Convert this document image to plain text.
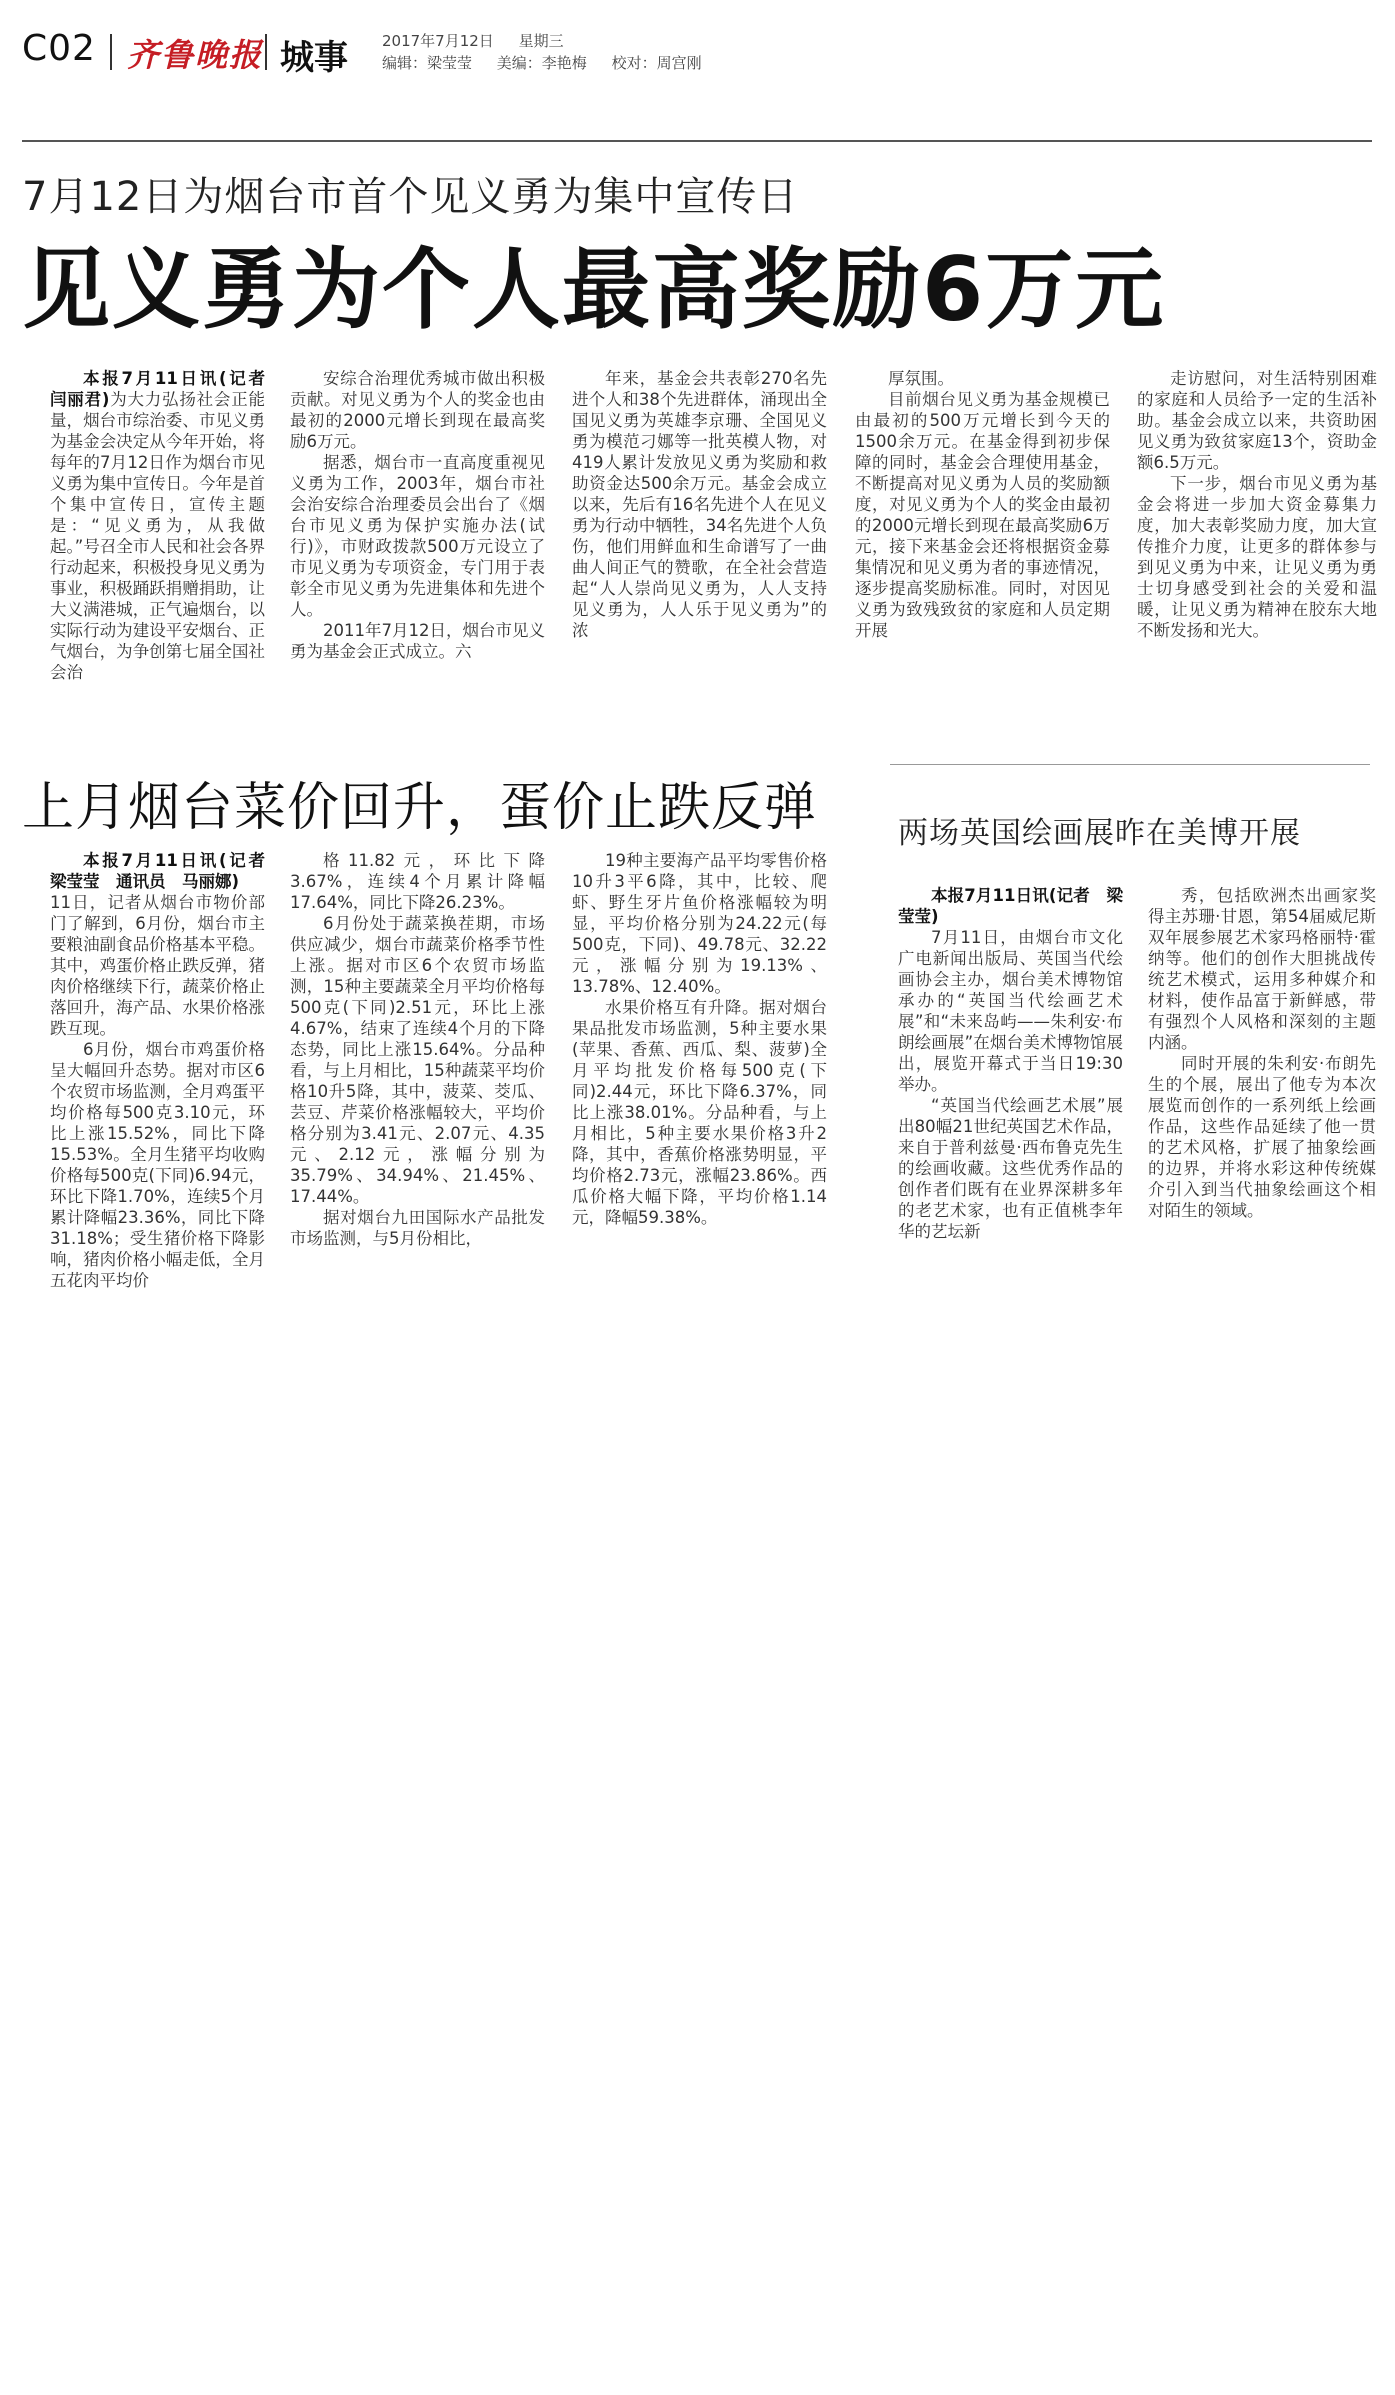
C02 齐鲁晚报 城事 2017年7月12日 星期三
编辑：梁莹莹 美编：李艳梅 校对：周宫刚
7月12日为烟台市首个见义勇为集中宣传日
见义勇为个人最高奖励6万元

本报7月11日讯(记者　闫丽君)为大力弘扬社会正能量，烟台市综治委、市见义勇为基金会决定从今年开始，将每年的7月12日作为烟台市见义勇为集中宣传日。今年是首个集中宣传日，宣传主题是：“见义勇为，从我做起。”号召全市人民和社会各界行动起来，积极投身见义勇为事业，积极踊跃捐赠捐助，让大义满港城，正气遍烟台，以实际行动为建设平安烟台、正气烟台，为争创第七届全国社会治

安综合治理优秀城市做出积极贡献。对见义勇为个人的奖金也由最初的2000元增长到现在最高奖励6万元。

据悉，烟台市一直高度重视见义勇为工作，2003年，烟台市社会治安综合治理委员会出台了《烟台市见义勇为保护实施办法(试行)》，市财政拨款500万元设立了市见义勇为专项资金，专门用于表彰全市见义勇为先进集体和先进个人。

2011年7月12日，烟台市见义勇为基金会正式成立。六

年来，基金会共表彰270名先进个人和38个先进群体，涌现出全国见义勇为英雄李京珊、全国见义勇为模范刁娜等一批英模人物，对419人累计发放见义勇为奖励和救助资金达500余万元。基金会成立以来，先后有16名先进个人在见义勇为行动中牺牲，34名先进个人负伤，他们用鲜血和生命谱写了一曲曲人间正气的赞歌，在全社会营造起“人人崇尚见义勇为，人人支持见义勇为，人人乐于见义勇为”的浓

厚氛围。

目前烟台见义勇为基金规模已由最初的500万元增长到今天的1500余万元。在基金得到初步保障的同时，基金会合理使用基金，不断提高对见义勇为人员的奖励额度，对见义勇为个人的奖金由最初的2000元增长到现在最高奖励6万元，接下来基金会还将根据资金募集情况和见义勇为者的事迹情况，逐步提高奖励标准。同时，对因见义勇为致残致贫的家庭和人员定期开展

走访慰问，对生活特别困难的家庭和人员给予一定的生活补助。基金会成立以来，共资助困见义勇为致贫家庭13个，资助金额6.5万元。

下一步，烟台市见义勇为基金会将进一步加大资金募集力度，加大表彰奖励力度，加大宣传推介力度，让更多的群体参与到见义勇为中来，让见义勇为勇士切身感受到社会的关爱和温暖，让见义勇为精神在胶东大地不断发扬和光大。

上月烟台菜价回升，蛋价止跌反弹

本报7月11日讯(记者　梁莹莹　通讯员　马丽娜)

11日，记者从烟台市物价部门了解到，6月份，烟台市主要粮油副食品价格基本平稳。其中，鸡蛋价格止跌反弹，猪肉价格继续下行，蔬菜价格止落回升，海产品、水果价格涨跌互现。

6月份，烟台市鸡蛋价格呈大幅回升态势。据对市区6个农贸市场监测，全月鸡蛋平均价格每500克3.10元，环比上涨15.52%，同比下降15.53%。全月生猪平均收购价格每500克(下同)6.94元，环比下降1.70%，连续5个月累计降幅23.36%，同比下降31.18%；受生猪价格下降影响，猪肉价格小幅走低，全月五花肉平均价

格11.82元，环比下降3.67%，连续4个月累计降幅17.64%，同比下降26.23%。

6月份处于蔬菜换茬期，市场供应减少，烟台市蔬菜价格季节性上涨。据对市区6个农贸市场监测，15种主要蔬菜全月平均价格每500克(下同)2.51元，环比上涨4.67%，结束了连续4个月的下降态势，同比上涨15.64%。分品种看，与上月相比，15种蔬菜平均价格10升5降，其中，菠菜、茭瓜、芸豆、芹菜价格涨幅较大，平均价格分别为3.41元、2.07元、4.35元、2.12元，涨幅分别为35.79%、34.94%、21.45%、17.44%。

据对烟台九田国际水产品批发市场监测，与5月份相比，

19种主要海产品平均零售价格10升3平6降，其中，比较、爬虾、野生牙片鱼价格涨幅较为明显，平均价格分别为24.22元(每500克，下同)、49.78元、32.22元，涨幅分别为19.13%、13.78%、12.40%。

水果价格互有升降。据对烟台果品批发市场监测，5种主要水果(苹果、香蕉、西瓜、梨、菠萝)全月平均批发价格每500克(下同)2.44元，环比下降6.37%，同比上涨38.01%。分品种看，与上月相比，5种主要水果价格3升2降，其中，香蕉价格涨势明显，平均价格2.73元，涨幅23.86%。西瓜价格大幅下降，平均价格1.14元，降幅59.38%。

两场英国绘画展昨在美博开展

本报7月11日讯(记者　梁莹莹)

7月11日，由烟台市文化广电新闻出版局、英国当代绘画协会主办，烟台美术博物馆承办的“英国当代绘画艺术展”和“未来岛屿——朱利安·布朗绘画展”在烟台美术博物馆展出，展览开幕式于当日19:30举办。

“英国当代绘画艺术展”展出80幅21世纪英国艺术作品，来自于普利兹曼·西布鲁克先生的绘画收藏。这些优秀作品的创作者们既有在业界深耕多年的老艺术家，也有正值桃李年华的艺坛新

秀，包括欧洲杰出画家奖得主苏珊·甘恩，第54届威尼斯双年展参展艺术家玛格丽特·霍纳等。他们的创作大胆挑战传统艺术模式，运用多种媒介和材料，使作品富于新鲜感，带有强烈个人风格和深刻的主题内涵。

同时开展的朱利安·布朗先生的个展，展出了他专为本次展览而创作的一系列纸上绘画作品，这些作品延续了他一贯的艺术风格，扩展了抽象绘画的边界，并将水彩这种传统媒介引入到当代抽象绘画这个相对陌生的领域。
